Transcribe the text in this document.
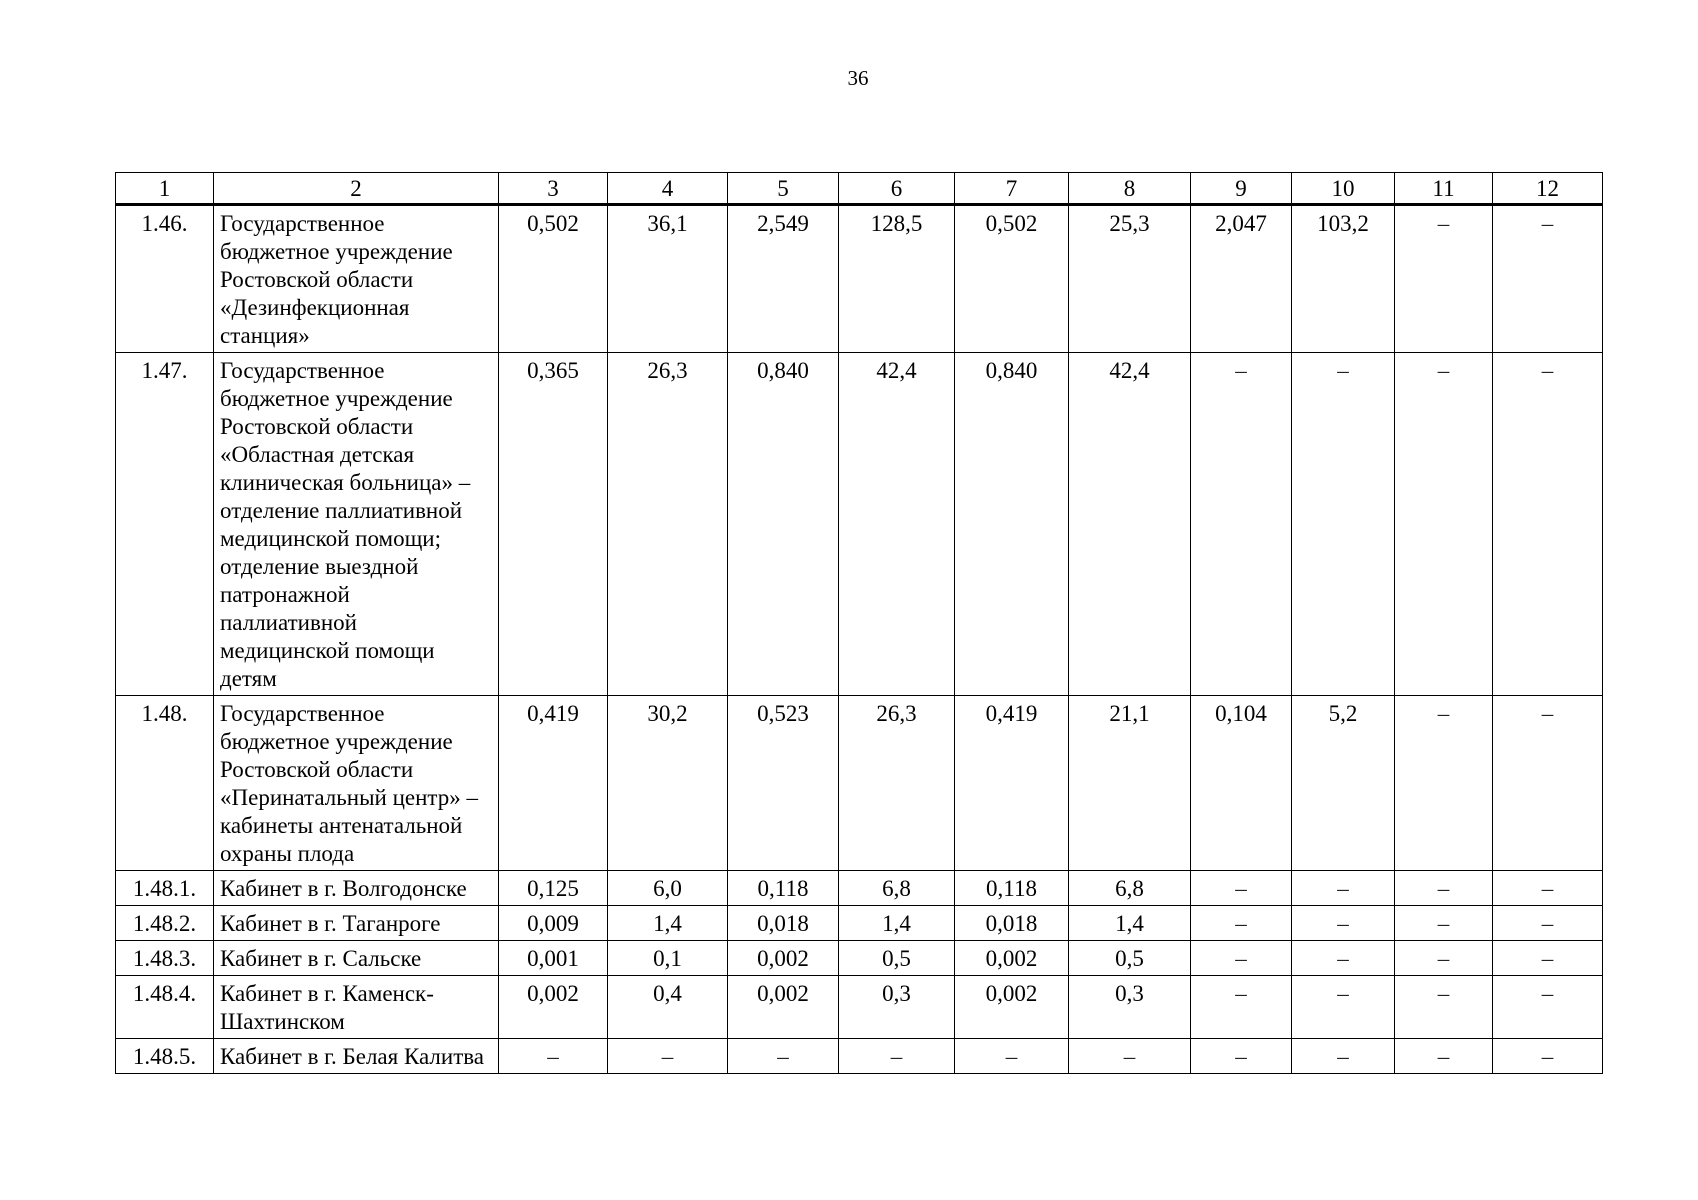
36
1	2	3	4	5	6	7	8	9	10	11	12
1.46.	Государственное бюджетное учреждение Ростовской области «Дезинфекционная станция»	0,502	36,1	2,549	128,5	0,502	25,3	2,047	103,2	–	–
1.47.	Государственное бюджетное учреждение Ростовской области «Областная детская клиническая больница» – отделение паллиативной медицинской помощи; отделение выездной патронажной паллиативной медицинской помощи детям	0,365	26,3	0,840	42,4	0,840	42,4	–	–	–	–
1.48.	Государственное бюджетное учреждение Ростовской области «Перинатальный центр» – кабинеты антенатальной охраны плода	0,419	30,2	0,523	26,3	0,419	21,1	0,104	5,2	–	–
1.48.1.	Кабинет в г. Волгодонске	0,125	6,0	0,118	6,8	0,118	6,8	–	–	–	–
1.48.2.	Кабинет в г. Таганроге	0,009	1,4	0,018	1,4	0,018	1,4	–	–	–	–
1.48.3.	Кабинет в г. Сальске	0,001	0,1	0,002	0,5	0,002	0,5	–	–	–	–
1.48.4.	Кабинет в г. Каменск-Шахтинском	0,002	0,4	0,002	0,3	0,002	0,3	–	–	–	–
1.48.5.	Кабинет в г. Белая Калитва	–	–	–	–	–	–	–	–	–	–
